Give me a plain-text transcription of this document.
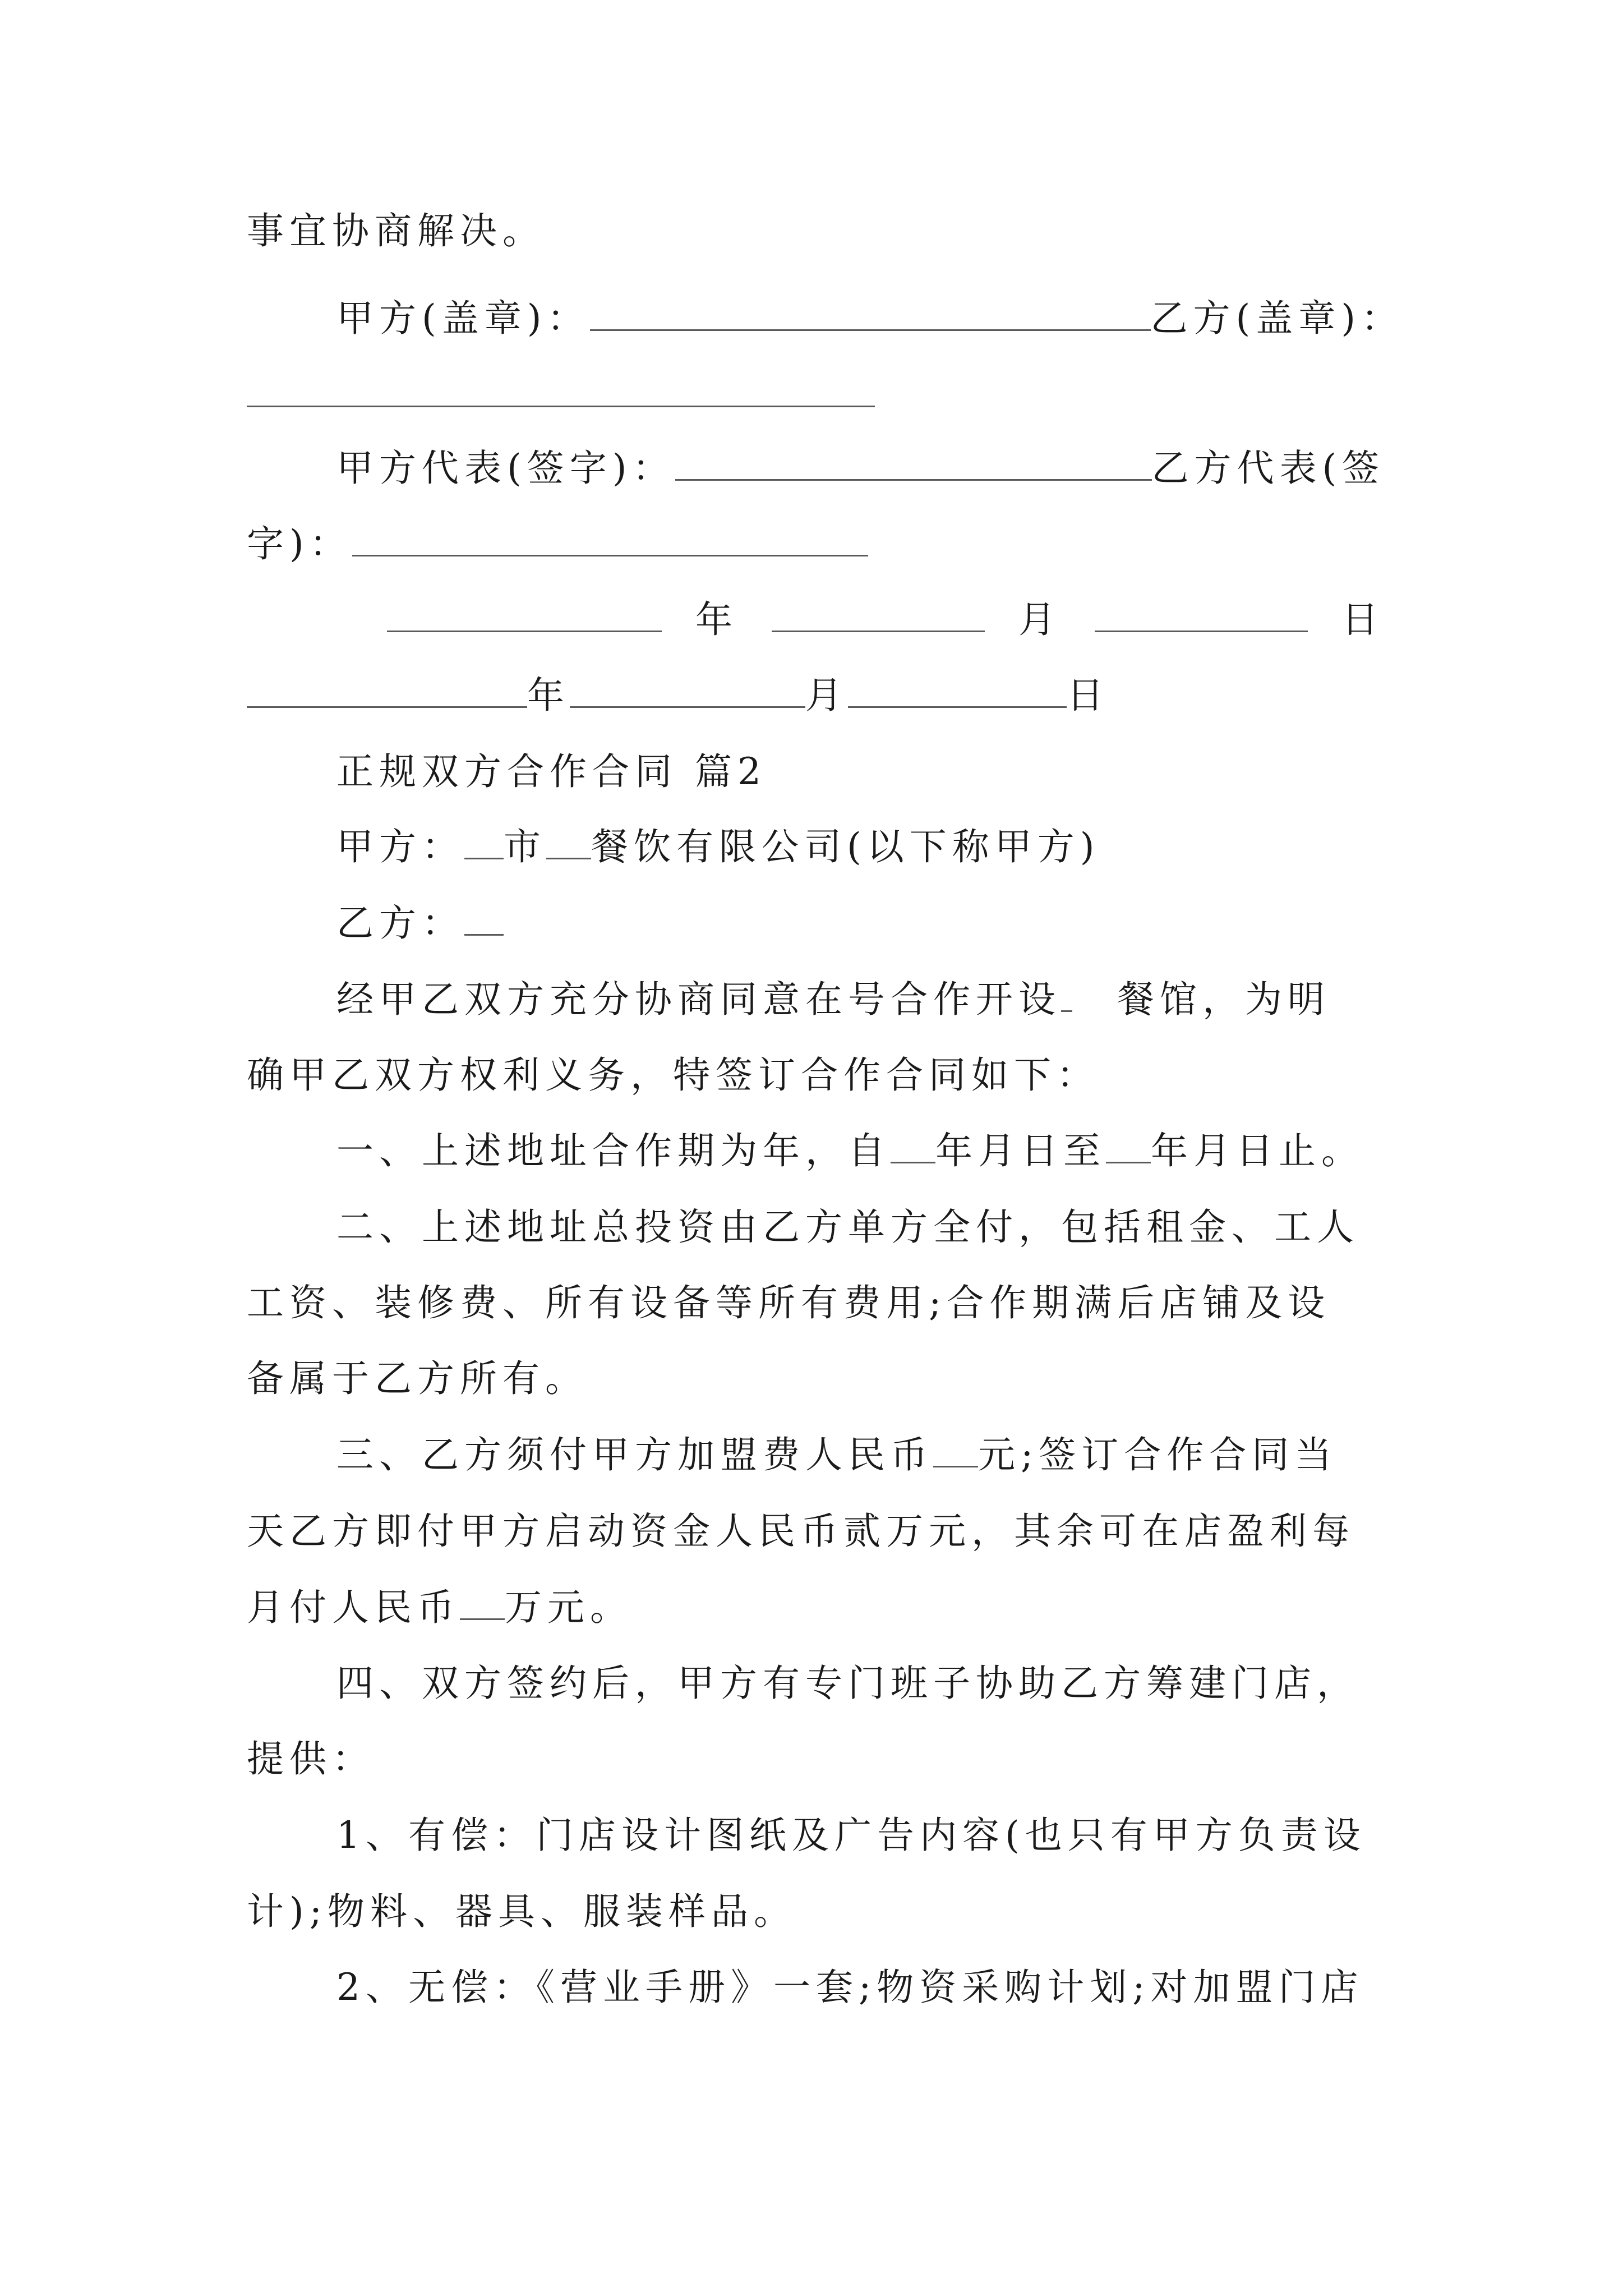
事宜协商解决。
甲方(盖章)：	乙方(盖章)：
甲方代表(签字)：	乙方代表(签
字)：
年	月	日
年	月	日
正规双方合作合同 篇2
甲方： 市 餐饮有限公司(以下称甲方)
乙方：
经甲乙双方充分协商同意在号合作开设 餐馆，为明
确甲乙双方权利义务，特签订合作合同如下：
一、上述地址合作期为年，自 年月日至 年月日止。
二、上述地址总投资由乙方单方全付，包括租金、工人
工资、装修费、所有设备等所有费用;合作期满后店铺及设
备属于乙方所有。
三、乙方须付甲方加盟费人民币 元;签订合作合同当
天乙方即付甲方启动资金人民币贰万元，其余可在店盈利每
月付人民币 万元。
四、双方签约后，甲方有专门班子协助乙方筹建门店，
提供：
1、有偿：门店设计图纸及广告内容(也只有甲方负责设
计);物料、器具、服装样品。
2、无偿：《营业手册》一套;物资采购计划;对加盟门店
